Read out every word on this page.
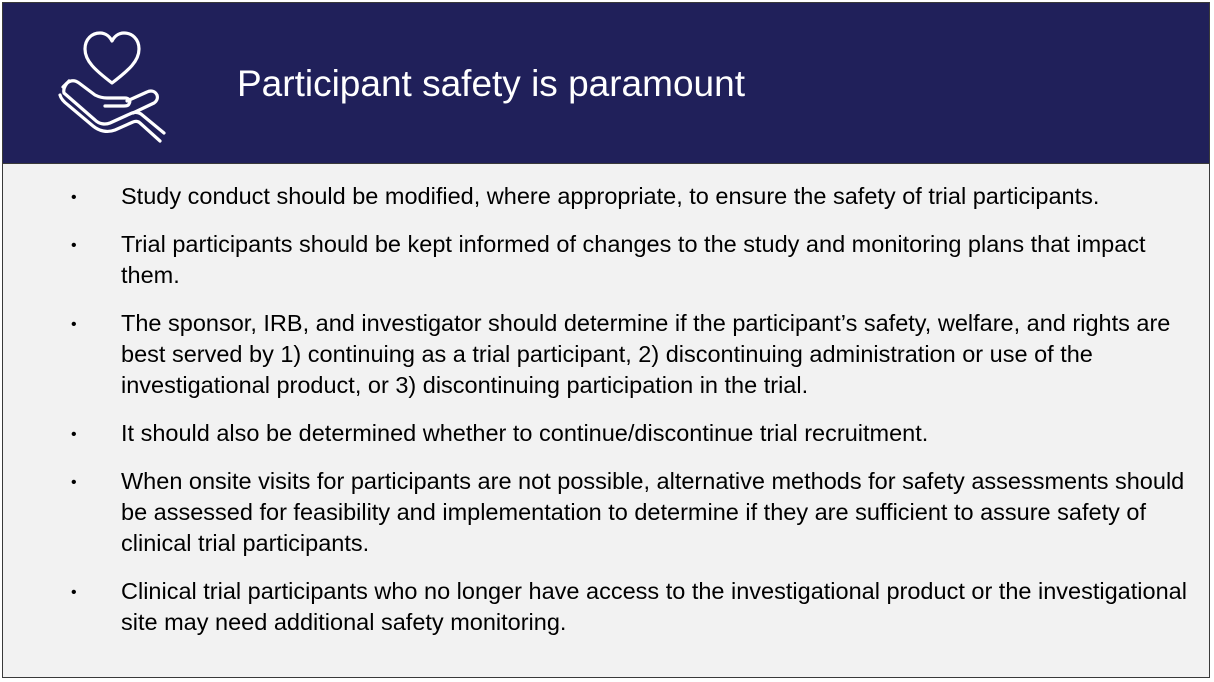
Participant safety is paramount
• Study conduct should be modified, where appropriate, to ensure the safety of trial participants.
• Trial participants should be kept informed of changes to the study and monitoring plans that impact them.
• The sponsor, IRB, and investigator should determine if the participant’s safety, welfare, and rights are best served by 1) continuing as a trial participant, 2) discontinuing administration or use of the investigational product, or 3) discontinuing participation in the trial.
• It should also be determined whether to continue/discontinue trial recruitment.
• When onsite visits for participants are not possible, alternative methods for safety assessments should be assessed for feasibility and implementation to determine if they are sufficient to assure safety of clinical trial participants.
• Clinical trial participants who no longer have access to the investigational product or the investigational site may need additional safety monitoring.
